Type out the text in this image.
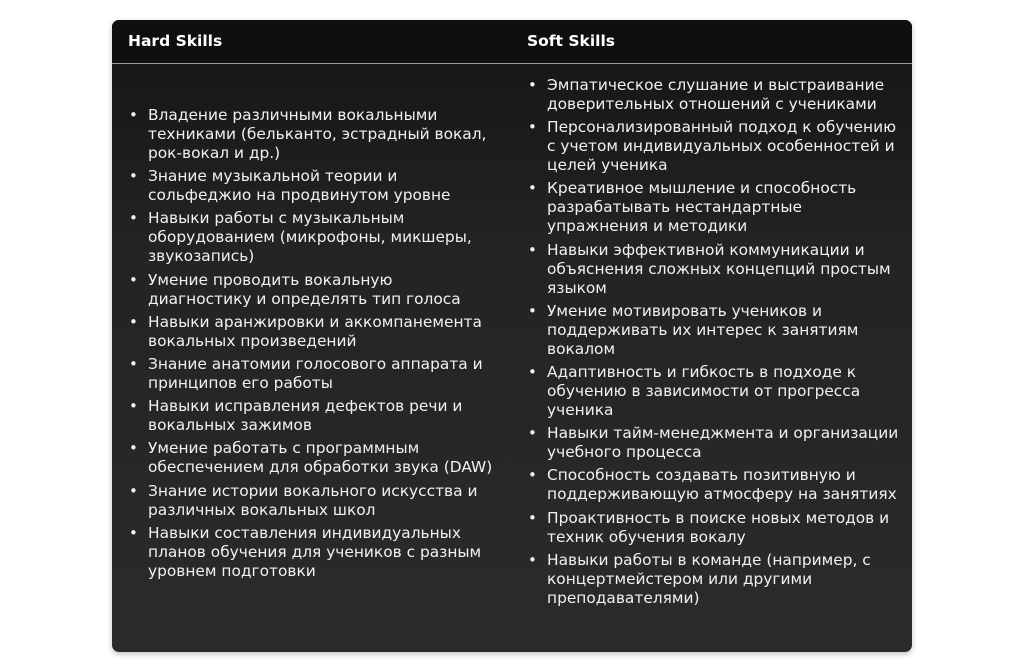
Hard Skills	Soft Skills
• Владение различными вокальными техниками (бельканто, эстрадный вокал, рок-вокал и др.)
• Знание музыкальной теории и сольфеджио на продвинутом уровне
• Навыки работы с музыкальным оборудованием (микрофоны, микшеры, звукозапись)
• Умение проводить вокальную диагностику и определять тип голоса
• Навыки аранжировки и аккомпанемента вокальных произведений
• Знание анатомии голосового аппарата и принципов его работы
• Навыки исправления дефектов речи и вокальных зажимов
• Умение работать с программным обеспечением для обработки звука (DAW)
• Знание истории вокального искусства и различных вокальных школ
• Навыки составления индивидуальных планов обучения для учеников с разным уровнем подготовки
• Эмпатическое слушание и выстраивание доверительных отношений с учениками
• Персонализированный подход к обучению с учетом индивидуальных особенностей и целей ученика
• Креативное мышление и способность разрабатывать нестандартные упражнения и методики
• Навыки эффективной коммуникации и объяснения сложных концепций простым языком
• Умение мотивировать учеников и поддерживать их интерес к занятиям вокалом
• Адаптивность и гибкость в подходе к обучению в зависимости от прогресса ученика
• Навыки тайм-менеджмента и организации учебного процесса
• Способность создавать позитивную и поддерживающую атмосферу на занятиях
• Проактивность в поиске новых методов и техник обучения вокалу
• Навыки работы в команде (например, с концертмейстером или другими преподавателями)
